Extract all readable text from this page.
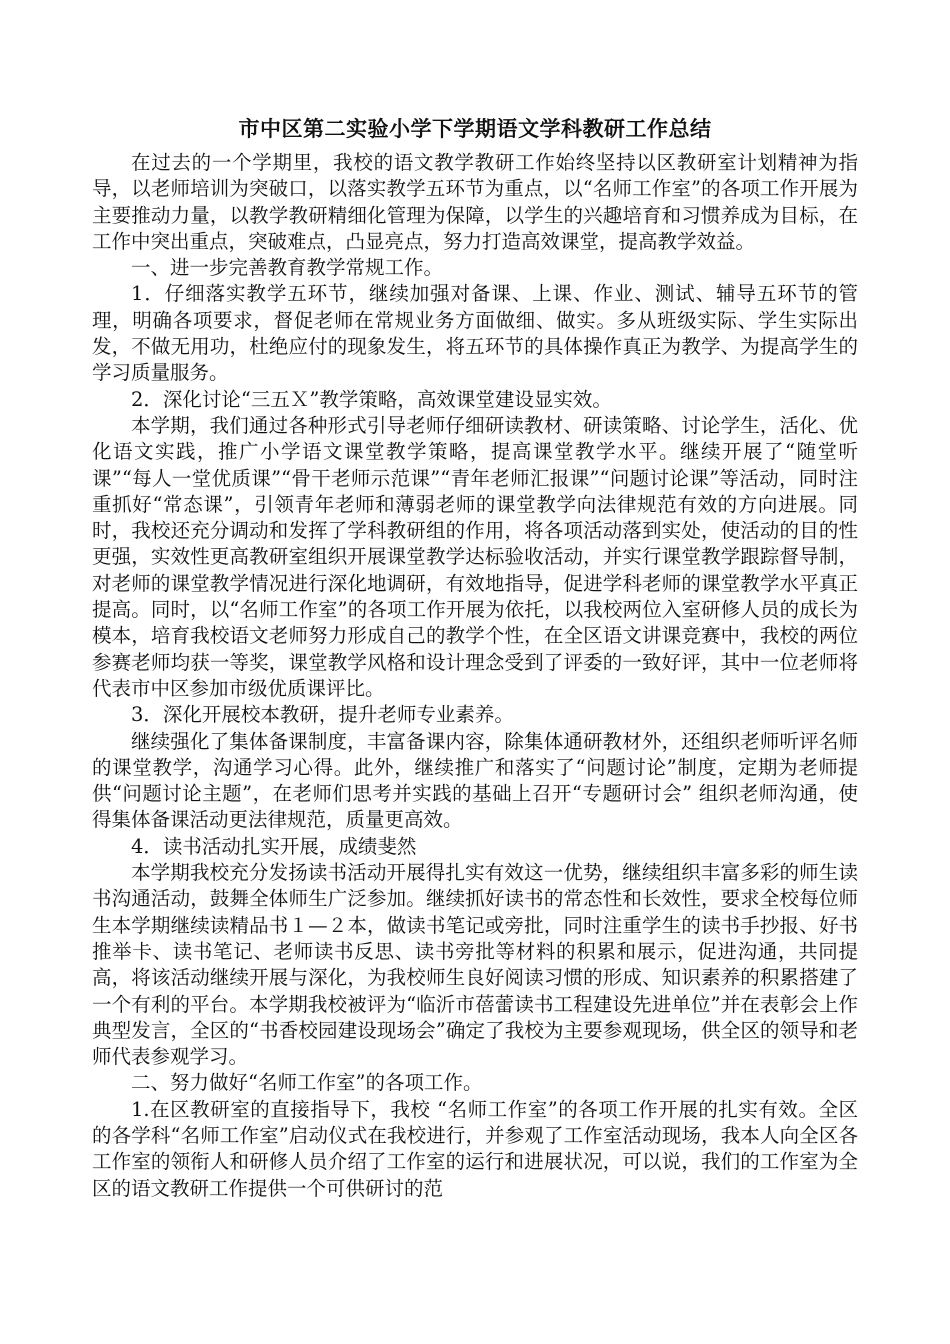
市中区第二实验小学下学期语文学科教研工作总结

在过去的一个学期里，我校的语文教学教研工作始终坚持以区教研室计划精神为指导，以老师培训为突破口，以落实教学五环节为重点，以“名师工作室”的各项工作开展为主要推动力量，以教学教研精细化管理为保障，以学生的兴趣培育和习惯养成为目标，在工作中突出重点，突破难点，凸显亮点，努力打造高效课堂，提高教学效益。

一、进一步完善教育教学常规工作。

1．仔细落实教学五环节，继续加强对备课、上课、作业、测试、辅导五环节的管理，明确各项要求，督促老师在常规业务方面做细、做实。多从班级实际、学生实际出发，不做无用功，杜绝应付的现象发生，将五环节的具体操作真正为教学、为提高学生的学习质量服务。

2．深化讨论“三五Ｘ”教学策略，高效课堂建设显实效。

本学期，我们通过各种形式引导老师仔细研读教材、研读策略、讨论学生，活化、优化语文实践，推广小学语文课堂教学策略，提高课堂教学水平。继续开展了“随堂听课”“每人一堂优质课”“骨干老师示范课”“青年老师汇报课”“问题讨论课”等活动，同时注重抓好“常态课”，引领青年老师和薄弱老师的课堂教学向法律规范有效的方向进展。同时，我校还充分调动和发挥了学科教研组的作用，将各项活动落到实处，使活动的目的性更强，实效性更高教研室组织开展课堂教学达标验收活动，并实行课堂教学跟踪督导制，对老师的课堂教学情况进行深化地调研，有效地指导，促进学科老师的课堂教学水平真正提高。同时，以“名师工作室”的各项工作开展为依托，以我校两位入室研修人员的成长为模本，培育我校语文老师努力形成自己的教学个性，在全区语文讲课竞赛中，我校的两位参赛老师均获一等奖，课堂教学风格和设计理念受到了评委的一致好评，其中一位老师将代表市中区参加市级优质课评比。

3．深化开展校本教研，提升老师专业素养。

继续强化了集体备课制度，丰富备课内容，除集体通研教材外，还组织老师听评名师的课堂教学，沟通学习心得。此外，继续推广和落实了“问题讨论”制度，定期为老师提供“问题讨论主题”，在老师们思考并实践的基础上召开“专题研讨会” 组织老师沟通，使得集体备课活动更法律规范，质量更高效。

4．读书活动扎实开展，成绩斐然

本学期我校充分发扬读书活动开展得扎实有效这一优势，继续组织丰富多彩的师生读书沟通活动，鼓舞全体师生广泛参加。继续抓好读书的常态性和长效性，要求全校每位师生本学期继续读精品书１—２本，做读书笔记或旁批，同时注重学生的读书手抄报、好书推举卡、读书笔记、老师读书反思、读书旁批等材料的积累和展示，促进沟通，共同提高，将该活动继续开展与深化，为我校师生良好阅读习惯的形成、知识素养的积累搭建了一个有利的平台。本学期我校被评为“临沂市蓓蕾读书工程建设先进单位”并在表彰会上作典型发言，全区的“书香校园建设现场会”确定了我校为主要参观现场，供全区的领导和老师代表参观学习。

二、努力做好“名师工作室”的各项工作。

1.在区教研室的直接指导下，我校 “名师工作室”的各项工作开展的扎实有效。全区的各学科“名师工作室”启动仪式在我校进行，并参观了工作室活动现场，我本人向全区各工作室的领衔人和研修人员介绍了工作室的运行和进展状况，可以说，我们的工作室为全区的语文教研工作提供一个可供研讨的范
